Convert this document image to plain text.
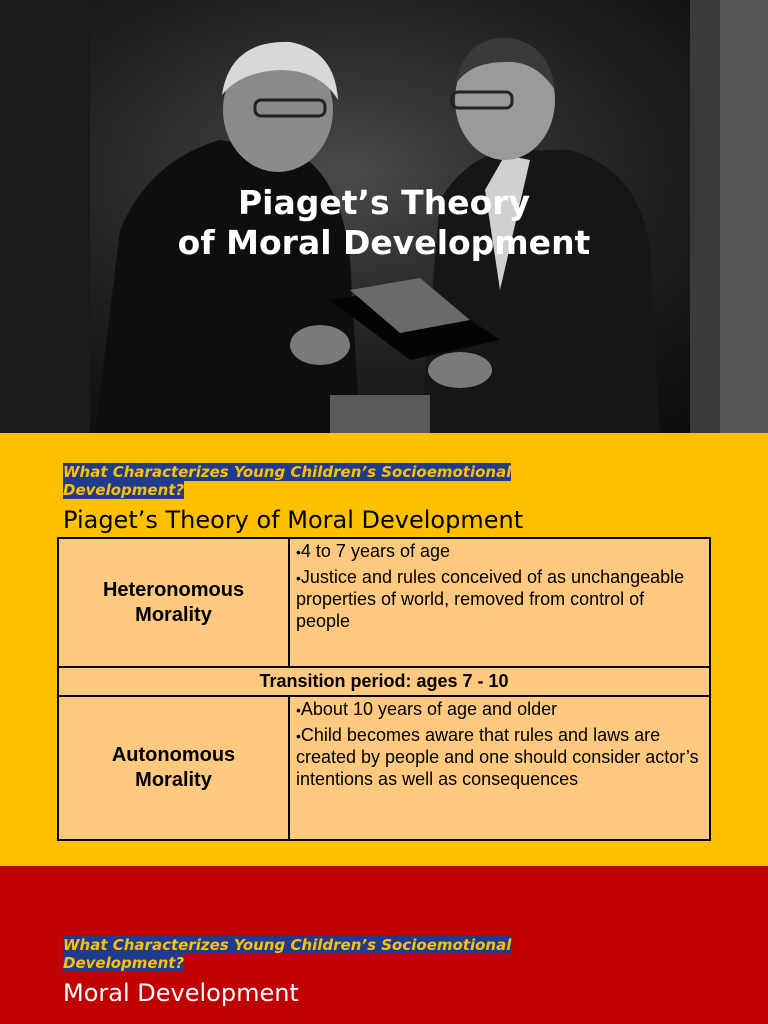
Piaget’s Theory
of Moral Development
What Characterizes Young Children’s Socioemotional
Development?
Piaget’s Theory of Moral Development
Heteronomous
Morality	• 4 to 7 years of age
• Justice and rules conceived of as unchangeable properties of world, removed from control of people

Transition period: ages 7 - 10	
Autonomous
Morality	• About 10 years of age and older
• Child becomes aware that rules and laws are created by people and one should consider actor’s intentions as well as consequences
What Characterizes Young Children’s Socioemotional
Development?
Moral Development
